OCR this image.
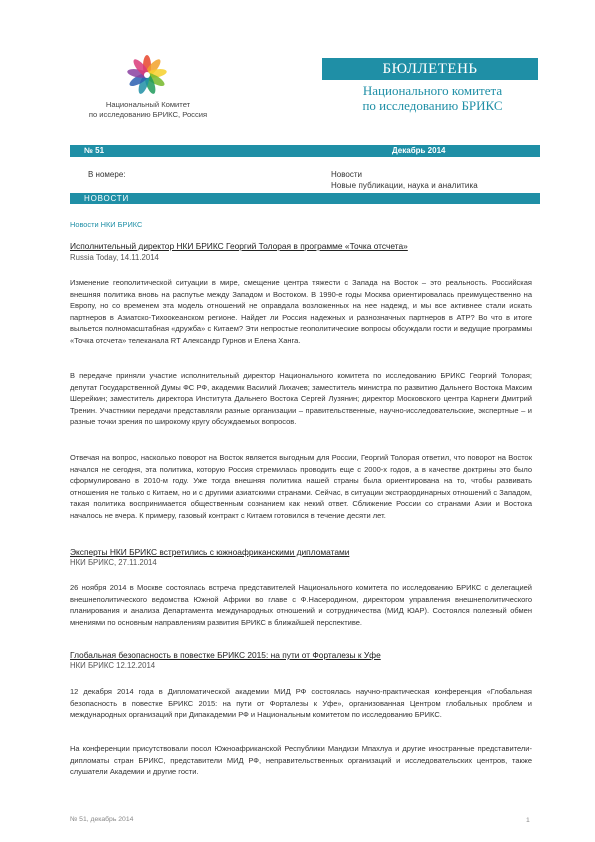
Национальный Комитет
по исследованию БРИКС, Россия
БЮЛЛЕТЕНЬ
Национального комитета
по исследованию БРИКС
№ 51	Декабрь 2014
В номере:	Новости
Новые публикации, наука и аналитика
НОВОСТИ
Новости НКИ БРИКС
Исполнительный директор НКИ БРИКС Георгий Толорая в программе «Точка отсчета»
Russia Today, 14.11.2014
Изменение геополитической ситуации в мире, смещение центра тяжести с Запада на Восток – это реальность. Российская внешняя политика вновь на распутье между Западом и Востоком. В 1990-е годы Москва ориентировалась преимущественно на Европу, но со временем эта модель отношений не оправдала возложенных на нее надежд, и мы все активнее стали искать партнеров в Азиатско-Тихоокеанском регионе. Найдет ли Россия надежных и разнозначных партнеров в АТР? Во что в итоге выльется полномасштабная «дружба» с Китаем? Эти непростые геополитические вопросы обсуждали гости и ведущие программы «Точка отсчета» телеканала RT Александр Гурнов и Елена Ханга.
В передаче приняли участие исполнительный директор Национального комитета по исследованию БРИКС Георгий Толорая; депутат Государственной Думы ФС РФ, академик Василий Лихачев; заместитель министра по развитию Дальнего Востока Максим Шерейкин; заместитель директора Института Дальнего Востока Сергей Лузянин; директор Московского центра Карнеги Дмитрий Тренин. Участники передачи представляли разные организации – правительственные, научно-исследовательские, экспертные – и разные точки зрения по широкому кругу обсуждаемых вопросов.
Отвечая на вопрос, насколько поворот на Восток является выгодным для России, Георгий Толорая ответил, что поворот на Восток начался не сегодня, эта политика, которую Россия стремилась проводить еще с 2000-х годов, а в качестве доктрины это было сформулировано в 2010-м году. Уже тогда внешняя политика нашей страны была ориентирована на то, чтобы развивать отношения не только с Китаем, но и с другими азиатскими странами. Сейчас, в ситуации экстраординарных отношений с Западом, такая политика воспринимается общественным сознанием как некий ответ. Сближение России со странами Азии и Востока началось не вчера. К примеру, газовый контракт с Китаем готовился в течение десяти лет.
Эксперты НКИ БРИКС встретились с южноафриканскими дипломатами
НКИ БРИКС, 27.11.2014
26 ноября 2014 в Москве состоялась встреча представителей Национального комитета по исследованию БРИКС с делегацией внешнеполитического ведомства Южной Африки во главе с Ф.Насеродином, директором управления внешнеполитического планирования и анализа Департамента международных отношений и сотрудничества (МИД ЮАР). Состоялся полезный обмен мнениями по основным направлениям развития БРИКС в ближайшей перспективе.
Глобальная безопасность в повестке БРИКС 2015: на пути от Форталезы к Уфе
НКИ БРИКС 12.12.2014
12 декабря 2014 года в Дипломатической академии МИД РФ состоялась научно-практическая конференция «Глобальная безопасность в повестке БРИКС 2015: на пути от Форталезы к Уфе», организованная Центром глобальных проблем и международных организаций при Дипакадемии РФ и Национальным комитетом по исследованию БРИКС.
На конференции присутствовали посол Южноафриканской Республики Мандизи Мпахлуа и другие иностранные представители-дипломаты стран БРИКС, представители МИД РФ, неправительственных организаций и исследовательских центров, также слушатели Академии и другие гости.
№ 51, декабрь 2014	1
